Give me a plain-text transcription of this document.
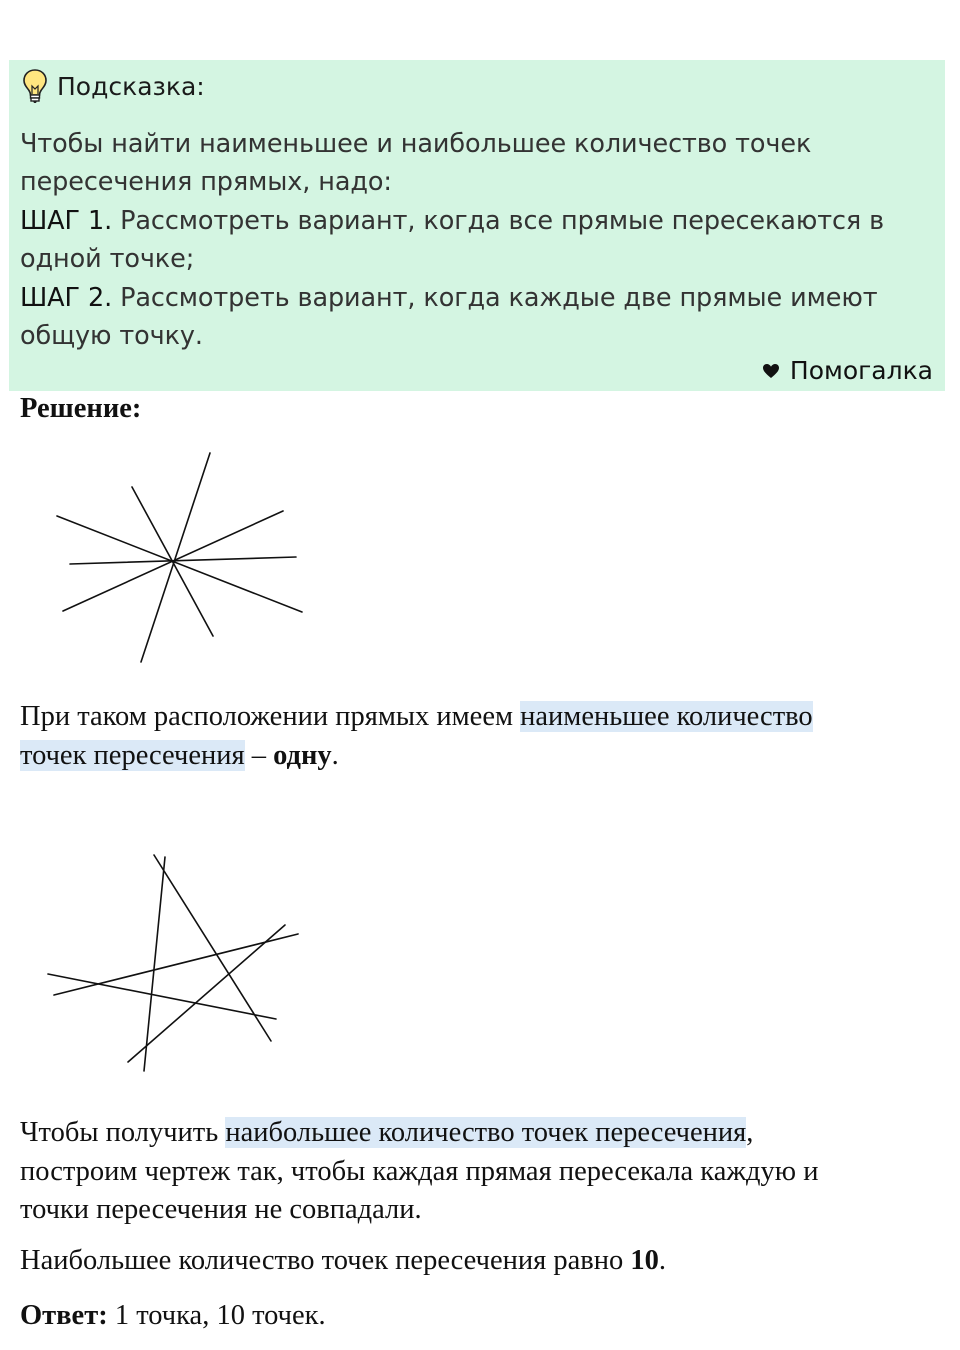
Подсказка:
Чтобы найти наименьшее и наибольшее количество точек
пересечения прямых, надо:
ШАГ 1. Рассмотреть вариант, когда все прямые пересекаются в
одной точке;
ШАГ 2. Рассмотреть вариант, когда каждые две прямые имеют
общую точку.
Помогалка
Решение:
При таком расположении прямых имеем наименьшее количество
точек пересечения – одну.
Чтобы получить наибольшее количество точек пересечения,
построим чертеж так, чтобы каждая прямая пересекала каждую и
точки пересечения не совпадали.
Наибольшее количество точек пересечения равно 10.
Ответ: 1 точка, 10 точек.
